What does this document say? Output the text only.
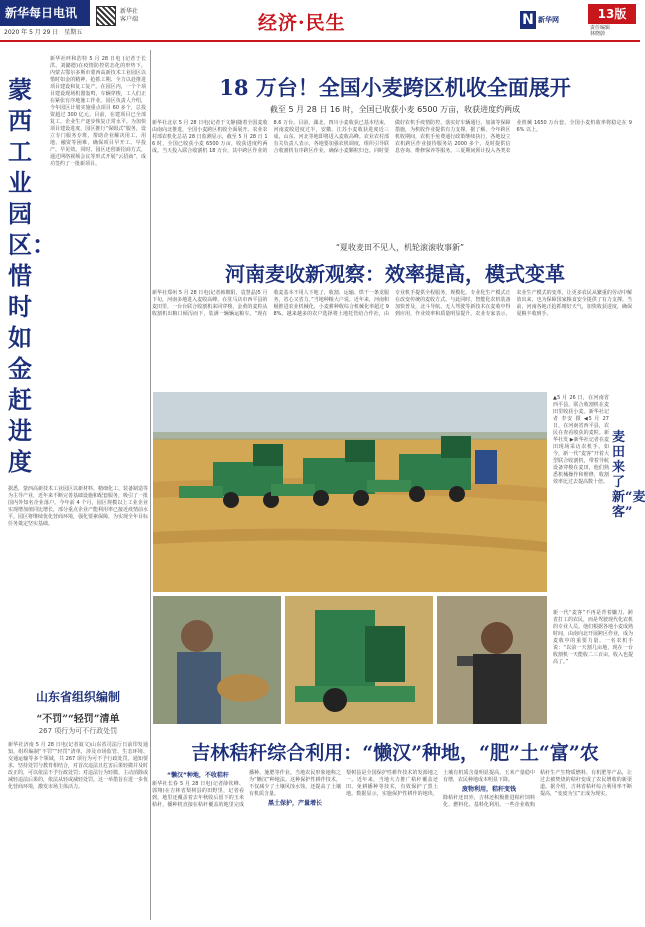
新华每日电讯
2020 年 5 月 29 日　星期五
新华社
客户端	经济·民生	N 新华网	13版
责任编辑
林晓蔚
蒙西工业园区：惜时如金赶进度
新华社呼和浩特 5 月 28 日电 (记者于长洪、刘懿德)在疫情防控常态化的形势下，内蒙古鄂尔多斯市蒙西高新技术工业园区以惜时如金的精神，抢抓工期、全力以赴推进项目建设和复工复产。在园区内，一个个项目建设现场机器轰鸣，车辆穿梭，工人们正在紧张有序地施工作业。园区负责人介绍，今年园区计划实施重点项目 60 多个，总投资超过 300 亿元。目前，在建项目已全部复工，企业生产逐步恢复正常水平。为加快项目建设进度，园区推行“保姆式”服务，设立专门服务专班，帮助企业解决用工、用地、融资等困难，确保项目早开工、早投产、早见效。同时，园区还创新招商方式，通过网络视频会议等形式开展“云招商”，成功签约了一批新项目。
据悉，蒙西高新技术工业园区以新材料、精细化工、装备制造等为主导产业，近年来不断完善基础设施和配套服务，吸引了一批国内外知名企业落户。今年前 4 个月，园区规模以上工业企业实现增加值同比增长，部分重点企业产能利用率已接近疫情前水平。园区将继续优化营商环境，强化要素保障，为实现全年目标任务奠定坚实基础。
山东省组织编制
“不罚”“轻罚”清单
267 项行为可不行政处罚
新华社济南 5 月 28 日电(记者叙文)山东省司法厅日前印发通知，组织编制“不罚”“轻罚”清单，涉及市场监管、生态环境、交通运输等多个领域，共 267 项行为可不予行政处罚。通知要求，坚持处罚与教育相结合，对首次违法且危害后果轻微并及时改正的，可以依法不予行政处罚；对违法行为轻微、主动消除或减轻违法后果的，依法从轻或减轻处罚。这一举措旨在进一步优化营商环境，激发市场主体活力。
18 万台！全国小麦跨区机收全面展开
截至 5 月 28 日 16 时，全国已收获小麦 6500 万亩，收获进度约两成
新华社北京 5 月 28 日电(记者于文静)随着全国麦收由南向北推进，全国小麦跨区机收全面展开。农业农村部农机化总站 28 日监测显示，截至 5 月 28 日 16 时，全国已收获小麦 6500 万亩，收获进度约两成。当天投入联合收割机 18 万台，其中跨区作业的 8.6 万台。目前，湖北、四川小麦收获已基本结束，河南麦收进度过半，安徽、江苏小麦收获进度近三成，山东、河北等地即将进入麦收高峰。农业农村部有关负责人表示，各地要加强农机调度，组织引导联合收割机有序跨区作业，确保小麦颗粒归仓。同时要做好农机手疫情防控，落实好车辆通行、加油等保障措施，为机收作业提供有力支撑。据了解，今年跨区机收期间，农机手免费通行政策继续执行，各地设立农机跨区作业接待服务站 2000 多个，及时提供信息咨询、维修保养等服务。三夏期间预计投入各类农业机械 1650 万台套，全国小麦机收率将稳定在 96% 以上。
“夏收麦田不见人，机轮滚滚收事新”
河南麦收新观察：效率提高，模式变革
新华社郑州 5 月 28 日电(记者韩朝阳、袁慧晶)5 月下旬，河南多地进入麦收高峰。在驻马店市西平县的麦田里，一台台联合收割机来回穿梭，金黄的麦粒从收割机出粮口倾泻而下，装满一辆辆运粮车。“现在收麦基本不用人下地了，收割、运输、烘干一条龙服务，省心又省力。”当地种粮大户说。近年来，河南积极推进农业机械化，小麦耕种收综合机械化率超过 98%。越来越多的农户选择将土地托管给合作社，由专业机手提供全程服务，规模化、专业化生产模式正在改变传统的麦收方式。与此同时，智能化农机装备加快普及，北斗导航、无人驾驶等新技术在麦收中得到应用，作业效率和质量明显提升。农业专家表示，农业生产模式的变革，让更多农民从繁重的劳动中解放出来，也为保障国家粮食安全提供了有力支撑。当前，河南各地正抢抓晴好天气，加快收获进度，确保夏粮丰收到手。
▲5 月 26 日，在河南省西平县，联合收割机在麦田里收获小麦。新华社记者 李安 摄 ◀5 月 27 日，在河南省西平县，农民在查看收获的麦粒。新华社发 ▶新华社记者在麦田现场采访农机手。如今，新一代“麦客”开着大型联合收割机，带着导航设备穿梭在麦田，他们熟悉机械操作和维修，收割效率比过去提高数十倍。
麦田来了新“麦客”
新一代“麦客”不再是背着镰刀、跨省打工的农民，而是驾驶现代化农机的专业人员。他们根据各地小麦成熟时间，由南向北开展跨区作业，成为麦收中的重要力量。一名农机手说：“以前一天割几亩地，现在一台收割机一天能收二三百亩，收入也提高了。”
吉林秸秆综合利用：“懒汉”种地，“肥”土“富”农
“懒汉”种地，不收秸秆
新华社长春 5 月 28 日电(记者薛钦峰、郭翔)在吉林省梨树县的田野里，记者看到，地里还覆盖着去年秋收后留下的玉米秸秆，播种机直接在秸秆覆盖的地里完成播种、施肥等作业。当地农民形象地称之为“懒汉”种地法。这种保护性耕作技术，不仅减少了土壤风蚀水蚀，还提高了土壤有机质含量。
黑土保护，产量增长
梨树县是全国保护性耕作技术的发源地之一。近年来，当地大力推广秸秆覆盖还田、免耕播种等技术，有效保护了黑土地。数据显示，实施保护性耕作的地块，土壤有机质含量明显提高，玉米产量稳中有增，农民种地成本明显下降。
废物利用，秸秆变钱
除秸秆还田外，吉林还积极推进秸秆饲料化、燃料化、基料化利用。一些企业收购秸秆生产生物质燃料、有机肥等产品，让过去被焚烧的秸秆变成了农民增收的新渠道。据介绍，吉林省秸秆综合利用率不断提高，“变废为宝”正成为现实。
